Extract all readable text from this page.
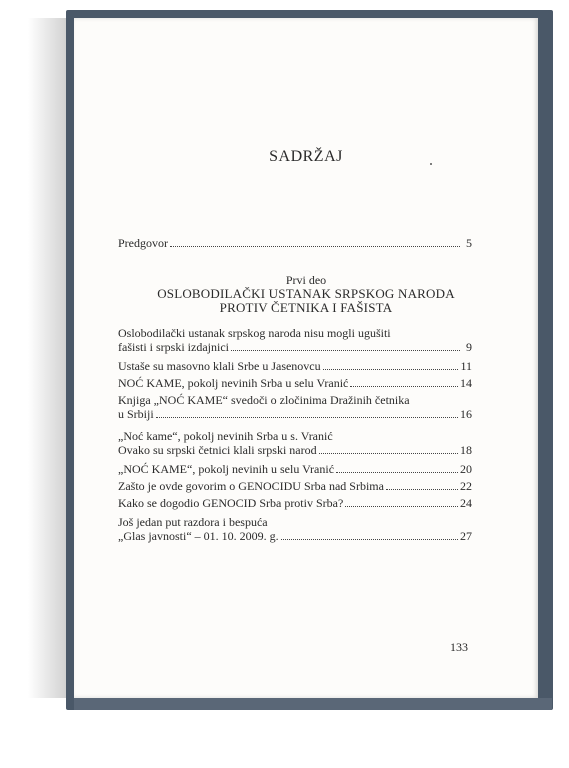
SADRŽAJ
Predgovor	5
Prvi deo
OSLOBODILAČKI USTANAK SRPSKOG NARODA
PROTIV ČETNIKA I FAŠISTA
Oslobodilački ustanak srpskog naroda nisu mogli ugušiti
fašisti i srpski izdajnici	9
Ustaše su masovno klali Srbe u Jasenovcu	11
NOĆ KAME, pokolj nevinih Srba u selu Vranić	14
Knjiga „NOĆ KAME“ svedoči o zločinima Dražinih četnika
u Srbiji	16
„Noć kame“, pokolj nevinih Srba u s. Vranić
Ovako su srpski četnici klali srpski narod	18
„NOĆ KAME“, pokolj nevinih u selu Vranić	20
Zašto je ovde govorim o GENOCIDU Srba nad Srbima	22
Kako se dogodio GENOCID Srba protiv Srba?	24
Još jedan put razdora i bespuća
„Glas javnosti“ – 01. 10. 2009. g.	27
133
